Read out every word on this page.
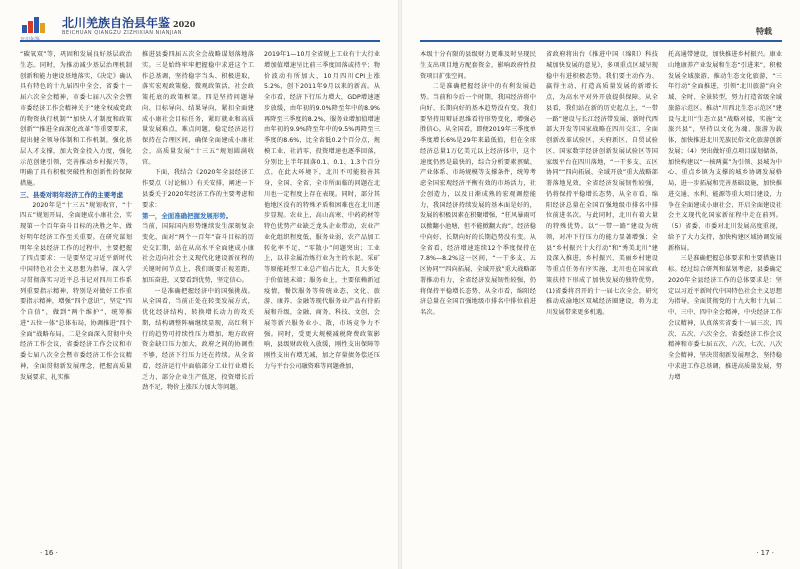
北川羌族自治县年鉴 2020
BEICHUAN QIANGZU ZIZHIXIAN NIANJIAN

“碳氧双”等，巩固和发展良好基层政治生态。同时，为推动减少基层治理机制创新和能力建设基地落实，《决定》确认具有特色的十九届四中全会，省委十一届六次全会精神，市委七届八次全会暨市委经济工作会精神关于“建全权威党政的物资执行机制”“加快人才制度和政策创新”“推进全面深化改革”等重要要求，提出健全领导体制和工作机制，强化基层人才支撑，加大资金投入力度，强化示范创建引领，完善推动乡村振兴等，明确了具有积极突破性和创新性的保障措施。

三、县委对明年经济工作的主要考虑

2020年是“十三五”规划收官，“十四五”规划开局，全面建成小康社会，实现第一个百年奋斗目标的决胜之年，做好明年经济工作至关重要。在研究谋划明年全县经济工作的过程中，主要把握了四点要求：一是要坚定习近平新时代中国特色社会主义思想为指导，深入学习贯彻落实习近平总书记对四川工作系列重要指示精神，特别是对做好工作重要指示精神，增强“四个意识”，坚定“四个自信”，做到“两个维护”，统筹推进“五位一体”总体布局，协调推进“四个全面”战略布局。二是全面深入贯彻中央经济工作会议，省委经济工作会议和市委七届八次全会暨市委经济工作会议精神，全面贯彻新发展理念，把握高质量发展要求，扎实推

推进县委四届五次全会战略谋划落地落实。三是始终牢牢把握稳中求进这个工作总基调，坚持稳字当头、积极进取，落实宏观政策稳、微观政策活，社会政策托底的政策框架。四是坚持问题导向、目标导向、结果导向，紧扣全面建成小康社会目标任务，紧盯就业和高质量发展难点，难点问题，稳定经济运行保持在合理区间，确保全面建成小康社会，高质量发展“十三五”规划圆满收官。

下面，我结合《2020年全县经济工作要点（讨论稿）》有关安排，阐述一下县委关于2020年经济工作的主要考虑和要求：

第一，全面准确把握发展形势。

当前，国际国内形势继续发生深刻复杂变化，面对“两个一百年”奋斗目标的历史交汇期，站在从高水平全面建成小康社会迈向社会主义现代化建设新征程的关键时间节点上，我们既要正视差距，加压奋进，又要看到优势，坚定信心。

一是准确把握经济中的国强挑战。从全国看，当前正处在转变发展方式，优化经济结构，转换增长动力的攻关期，结构调整阵痛继续显现，高红利下行的趋势可持续性压力增加，地方政府资金缺口压力加大，政府之间的协调性不够，经济下行压力还在持续。从全省看，经济运行中面临部分工业行业增长乏力，部分企业生产低迷，投资增长后劲不足，物价上涨压力加大等问题。

2019年1—10月全省规上工业有十大行业增加值增速呈比前三季度回落或持平；物价波动有所加大，10月四川CPI上涨5.2%，创下2011年9月以来的新高。从全市看，经济下行压力增大，GDP增速逐步放缓，由年初的9.0%降至年中的8.9%再降至三季度的8.2%，服务业增加值增速由年初的9.9%降至年中的9.5%再降至三季度的8.6%，比全省低0.2个百分点，规模工业、社消零、投资增速也逐季回落，分别比上半年回落0.1、0.1、1.3个百分点，在此大环境下，北川不可能独善其身，全国、全省、全市所面临的问题在北川也一定程度上存在表现。同时，部分其他地区没有的特殊矛盾和困难也在北川逐步显现。农业上，高山高寒、中药药材等特色优势产业缺乏龙头企业带动，农业产业化组织程度低，服务业弱，农产品加工转化率不足，“零散小”问题突出；工业上，以非金属冶炼行业为主的水泥、采矿等原能耗型工业总产值占比大，且大多处于价值链末端；服务业上，主要依赖新冠疫情，餐饮服务等传统业态，文化、旅游、康养、金融等现代服务业产品有待拓展和升级，金融、商务、科技、文创，会展等新兴服务业小、散，市场竞争力不强。同时，受更大规模减税降费政策影响，县级财政收入放缓，刚性支出保障等刚性支出有增无减，加之存量债务偿还压力与平台公司融资难等问题叠加，

· 16 ·
特载

本级十分有限的县级财力更难及时呈现民生支出项目地方配套资金，影响政府性投资项目扩张空间。

二是准确把握经济中的有利发展趋势。当前和今后一个时期，我国经济将中向好、长期向好的基本趋势没有变。我们要坚持用辩证思维看待形势变化，增强必胜信心。从全国看，即便2019年三季度单季度增长6%是29年来最低值，但在全球经济总量1万亿美元以上经济体中，这个速度仍然是最快的，综合分析要素禀赋、产业体系、市场规模等支撑条件，统筹考虑全国宏观经济平衡有效的市场活力，社会创造力，以及日渐成熟的宏观调控能力，我国经济持续发展的基本面是好的，发展的积极因素在积聚增强，“狂风暴雨可以掀翻小池塘，但不能掀翻大海”，经济稳中向好、长期向好的长期趋势没有变。从全省看，经济增速连续12个季度保持在7.8%—8.2%这一区间，“一干多支、五区协同”“四向拓展、全域开放”重大战略部署推动有力，全省经济发展韧性较强，仍将保持平稳增长态势，从全市看，绵阳经济总量在全国百强地级市排名中排位前进名次。

省政府将出台《推进中国（绵阳）科技城加快发展的意见》，多项重点区域呈现稳中有进积极态势。我们要主动作为、赢得主动，打造高质量发展的新增长点，为高水平对外开放提供保障。从全县看，我们站在新的历史起点上，“一带一路”建设与长江经济带发展、新时代西部大开发等国家战略在四川交汇，全面创新改革试验区、天府新区、自贸试验区、国家数字经济创新发展试验区等国家级平台在四川落地，“一干多支、五区协同”“四向拓展、全域开放”重大战略部署落地见效，全省经济发展韧性较强，仍将保持平稳增长态势，从全市看，绵阳经济总量在全国百强地级市排名中排位前进名次。与此同时，北川有着大量的特殊优势。以“一带一路”建设为统领，对冲下行压力的能力显著增强；全县“乡村振兴十大行动”和“秀美北川”建设深入推进，乡村振兴、美丽乡村建设等重点任务有序实施，北川也在国家政策扶持下形成了加快发展的独特优势。(1)省委将召开的十一届七次全会，研究推动成渝地区双城经济圈建设，将为北川发展带来更多机遇。

托高通带建设，加快推进乡村振兴。康业山地康养产业发展和生态“引进来”，积极发展全域旅游，推动生态文化旅游，“三年行动”全面推进，引领“北川旅游”向全域、全时、全景转型，努力打造省级全域旅游示范区。推动“川西北生态示范区”建设与北川“生态立县”战略对接，实施“文旅兴县”，坚持以文化为魂、旅游为载体，加快推进北川羌族民俗文化旅游创新发展；（4）突出做好重点项目谋划储备，加快构建以“一核两翼”为引领、县城为中心、重点乡镇为支撑的城乡协调发展格局，进一步拓展和完善基础设施，加快推进交通、水利、能源等重大项目建设，力争在全面建成小康社会、开启全面建设社会主义现代化国家新征程中走在前列。（5）省委、市委对北川发展高度重视，给予了大力支持，加快构建区域协调发展新格局。

三是准确把握总体要求和主要措施目标。经过综合研判和谋划考虑，县委确定2020年全县经济工作的总体要求是：坚定以习近平新时代中国特色社会主义思想为指导，全面贯彻党的十九大和十九届二中、三中、四中全会精神，中央经济工作会议精神，认真落实省委十一届三次、四次、五次、六次全会，省委经济工作会议精神和市委七届五次、六次、七次、八次全会精神，坚决贯彻新发展理念，坚持稳中求进工作总基调，推进高质量发展，努力增

· 17 ·
